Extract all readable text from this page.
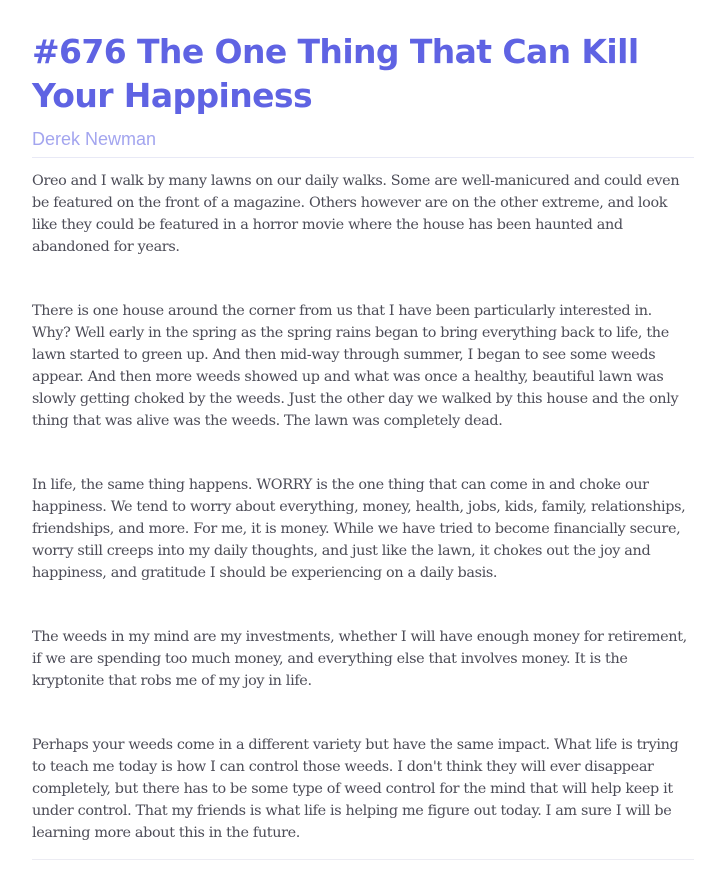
#676 The One Thing That Can Kill Your Happiness
Derek Newman

Oreo and I walk by many lawns on our daily walks. Some are well-manicured and could even be featured on the front of a magazine. Others however are on the other extreme, and look like they could be featured in a horror movie where the house has been haunted and abandoned for years.

There is one house around the corner from us that I have been particularly interested in. Why? Well early in the spring as the spring rains began to bring everything back to life, the lawn started to green up. And then mid-way through summer, I began to see some weeds appear. And then more weeds showed up and what was once a healthy, beautiful lawn was slowly getting choked by the weeds. Just the other day we walked by this house and the only thing that was alive was the weeds. The lawn was completely dead.

In life, the same thing happens. WORRY is the one thing that can come in and choke our happiness. We tend to worry about everything, money, health, jobs, kids, family, relationships, friendships, and more. For me, it is money. While we have tried to become financially secure, worry still creeps into my daily thoughts, and just like the lawn, it chokes out the joy and happiness, and gratitude I should be experiencing on a daily basis.

The weeds in my mind are my investments, whether I will have enough money for retirement, if we are spending too much money, and everything else that involves money. It is the kryptonite that robs me of my joy in life.

Perhaps your weeds come in a different variety but have the same impact. What life is trying to teach me today is how I can control those weeds. I don't think they will ever disappear completely, but there has to be some type of weed control for the mind that will help keep it under control. That my friends is what life is helping me figure out today. I am sure I will be learning more about this in the future.
